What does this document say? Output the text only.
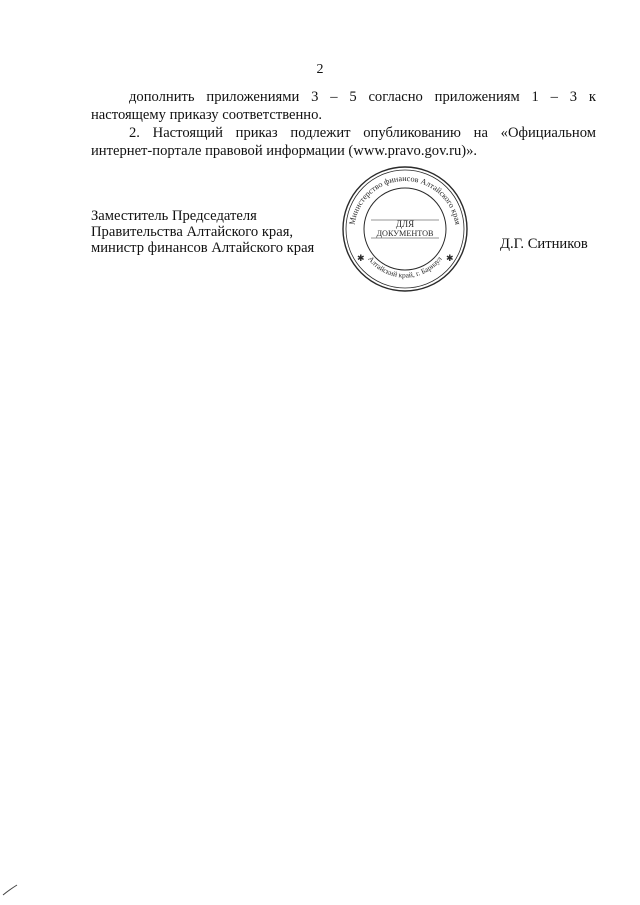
2

дополнить приложениями 3 – 5 согласно приложениям 1 – 3 к
настоящему приказу соответственно.

2. Настоящий приказ подлежит опубликованию на «Официальном
интернет-портале правовой информации (www.pravo.gov.ru)».

Заместитель Председателя
Правительства Алтайского края,
министр финансов Алтайского края
Министерство финансов Алтайского края
Алтайский край, г. Барнаул
✱	✱
ДЛЯ
ДОКУМЕНТОВ
Д.Г. Ситников
